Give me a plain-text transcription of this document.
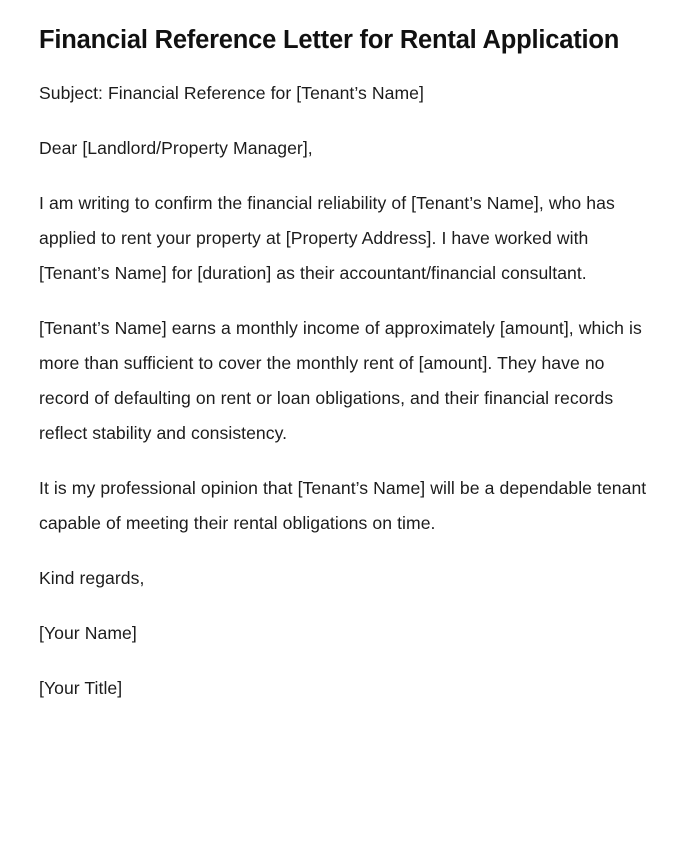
Financial Reference Letter for Rental Application

Subject: Financial Reference for [Tenant’s Name]

Dear [Landlord/Property Manager],

I am writing to confirm the financial reliability of [Tenant’s Name], who has applied to rent your property at [Property Address]. I have worked with [Tenant’s Name] for [duration] as their accountant/financial consultant.

[Tenant’s Name] earns a monthly income of approximately [amount], which is more than sufficient to cover the monthly rent of [amount]. They have no record of defaulting on rent or loan obligations, and their financial records reflect stability and consistency.

It is my professional opinion that [Tenant’s Name] will be a dependable tenant capable of meeting their rental obligations on time.

Kind regards,

[Your Name]

[Your Title]
